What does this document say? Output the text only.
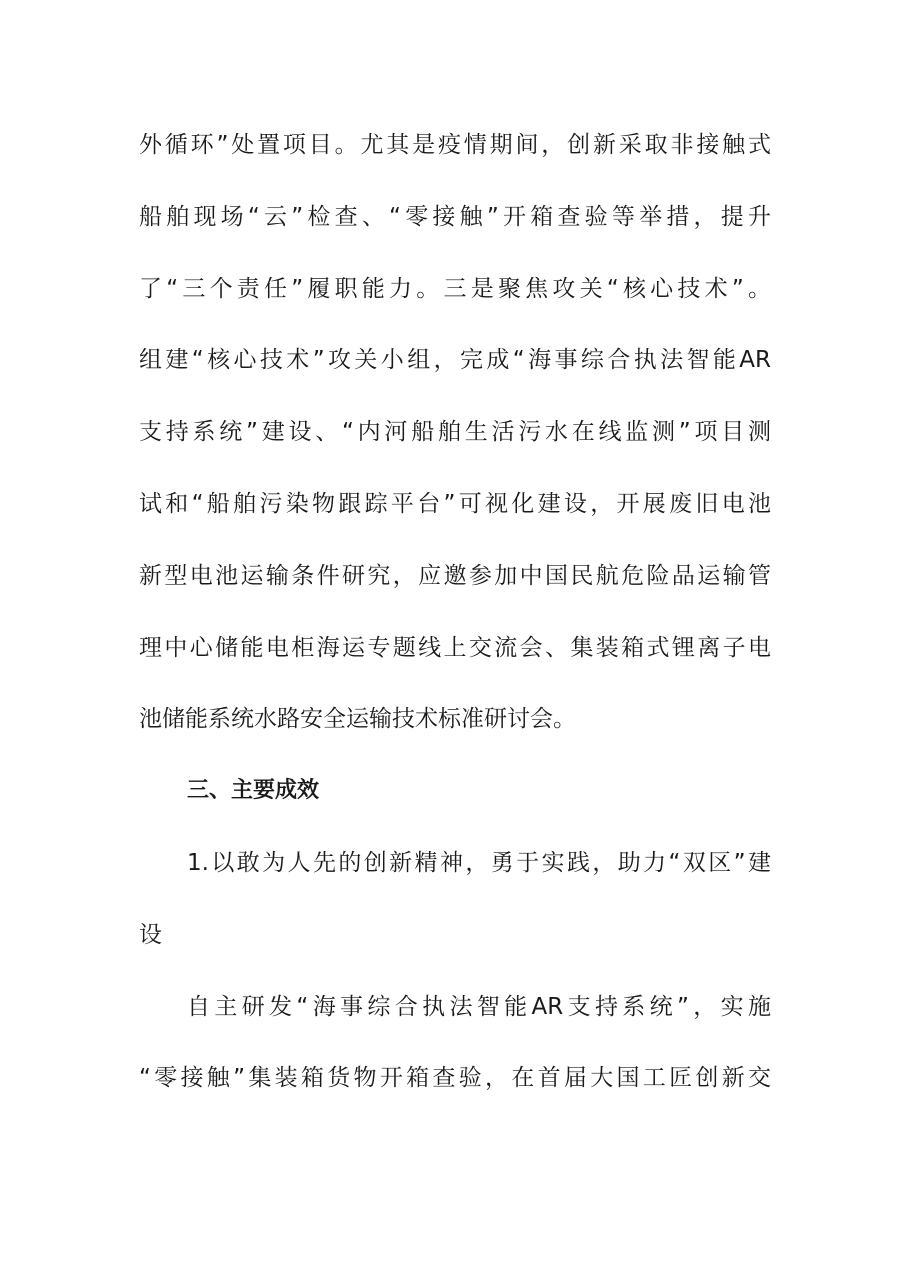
外循环”处置项目。尤其是疫情期间，创新采取非接触式
船舶现场“云”检查、“零接触”开箱查验等举措，提升
了“三个责任”履职能力。三是聚焦攻关“核心技术”。
组建“核心技术”攻关小组，完成“海事综合执法智能AR
支持系统”建设、“内河船舶生活污水在线监测”项目测
试和“船舶污染物跟踪平台”可视化建设，开展废旧电池
新型电池运输条件研究，应邀参加中国民航危险品运输管
理中心储能电柜海运专题线上交流会、集装箱式锂离子电
池储能系统水路安全运输技术标准研讨会。
三、主要成效
1.以敢为人先的创新精神，勇于实践，助力“双区”建
设
自主研发“海事综合执法智能AR支持系统”，实施
“零接触”集装箱货物开箱查验，在首届大国工匠创新交
